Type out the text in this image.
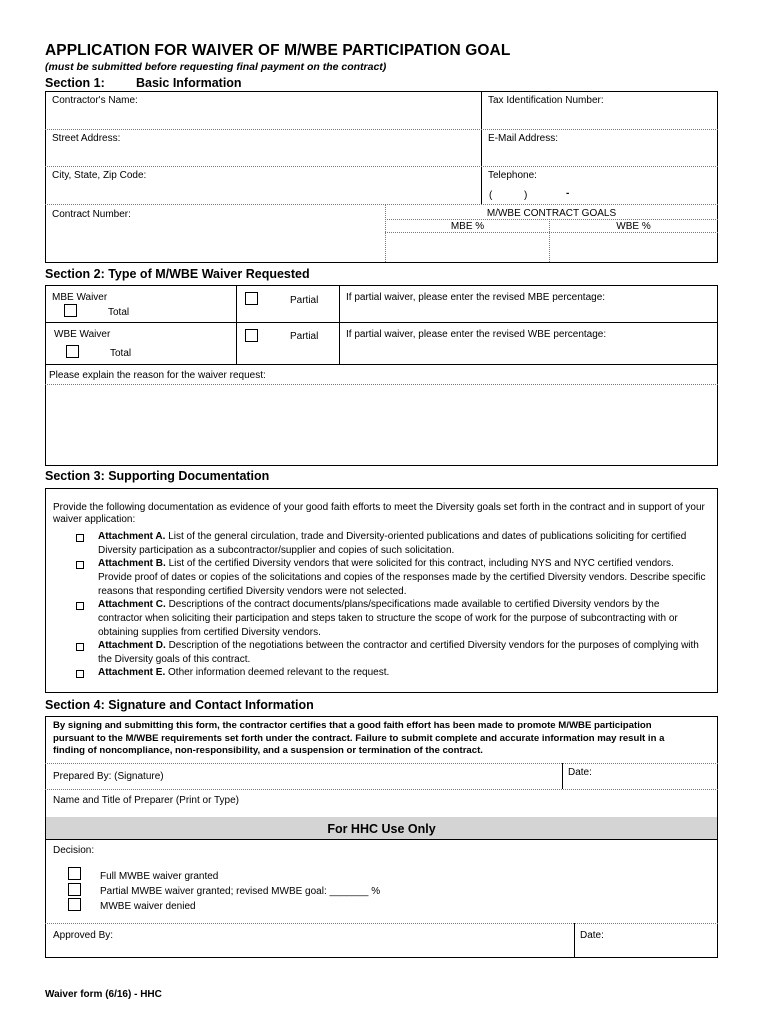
APPLICATION FOR WAIVER OF M/WBE PARTICIPATION GOAL
(must be submitted before requesting final payment on the contract)
Section 1:	Basic Information
Contractor's Name:	Tax Identification Number:
Street Address:	E-Mail Address:
City, State, Zip Code:	Telephone:
(	)	-
Contract Number:	M/WBE CONTRACT GOALS
MBE %	WBE %
Section 2: Type of M/WBE Waiver Requested
MBE Waiver
Total
Partial	If partial waiver, please enter the revised MBE percentage:
WBE Waiver
Total
Partial	If partial waiver, please enter the revised WBE percentage:
Please explain the reason for the waiver request:
Section 3: Supporting Documentation
Provide the following documentation as evidence of your good faith efforts to meet the Diversity goals set forth in the contract and in support of your
waiver application:
Attachment A. List of the general circulation, trade and Diversity-oriented publications and dates of publications soliciting for certified
Diversity participation as a subcontractor/supplier and copies of such solicitation.
Attachment B. List of the certified Diversity vendors that were solicited for this contract, including NYS and NYC certified vendors.
Provide proof of dates or copies of the solicitations and copies of the responses made by the certified Diversity vendors. Describe specific
reasons that responding certified Diversity vendors were not selected.
Attachment C. Descriptions of the contract documents/plans/specifications made available to certified Diversity vendors by the
contractor when soliciting their participation and steps taken to structure the scope of work for the purpose of subcontracting with or
obtaining supplies from certified Diversity vendors.
Attachment D. Description of the negotiations between the contractor and certified Diversity vendors for the purposes of complying with
the Diversity goals of this contract.
Attachment E. Other information deemed relevant to the request.
Section 4: Signature and Contact Information
By signing and submitting this form, the contractor certifies that a good faith effort has been made to promote M/WBE participation
pursuant to the M/WBE requirements set forth under the contract. Failure to submit complete and accurate information may result in a
finding of noncompliance, non-responsibility, and a suspension or termination of the contract.
Prepared By: (Signature)	Date:
Name and Title of Preparer (Print or Type)
For HHC Use Only
Decision:
Full MWBE waiver granted
Partial MWBE waiver granted; revised MWBE goal: _______ %
MWBE waiver denied
Approved By:	Date:
Waiver form (6/16) - HHC
